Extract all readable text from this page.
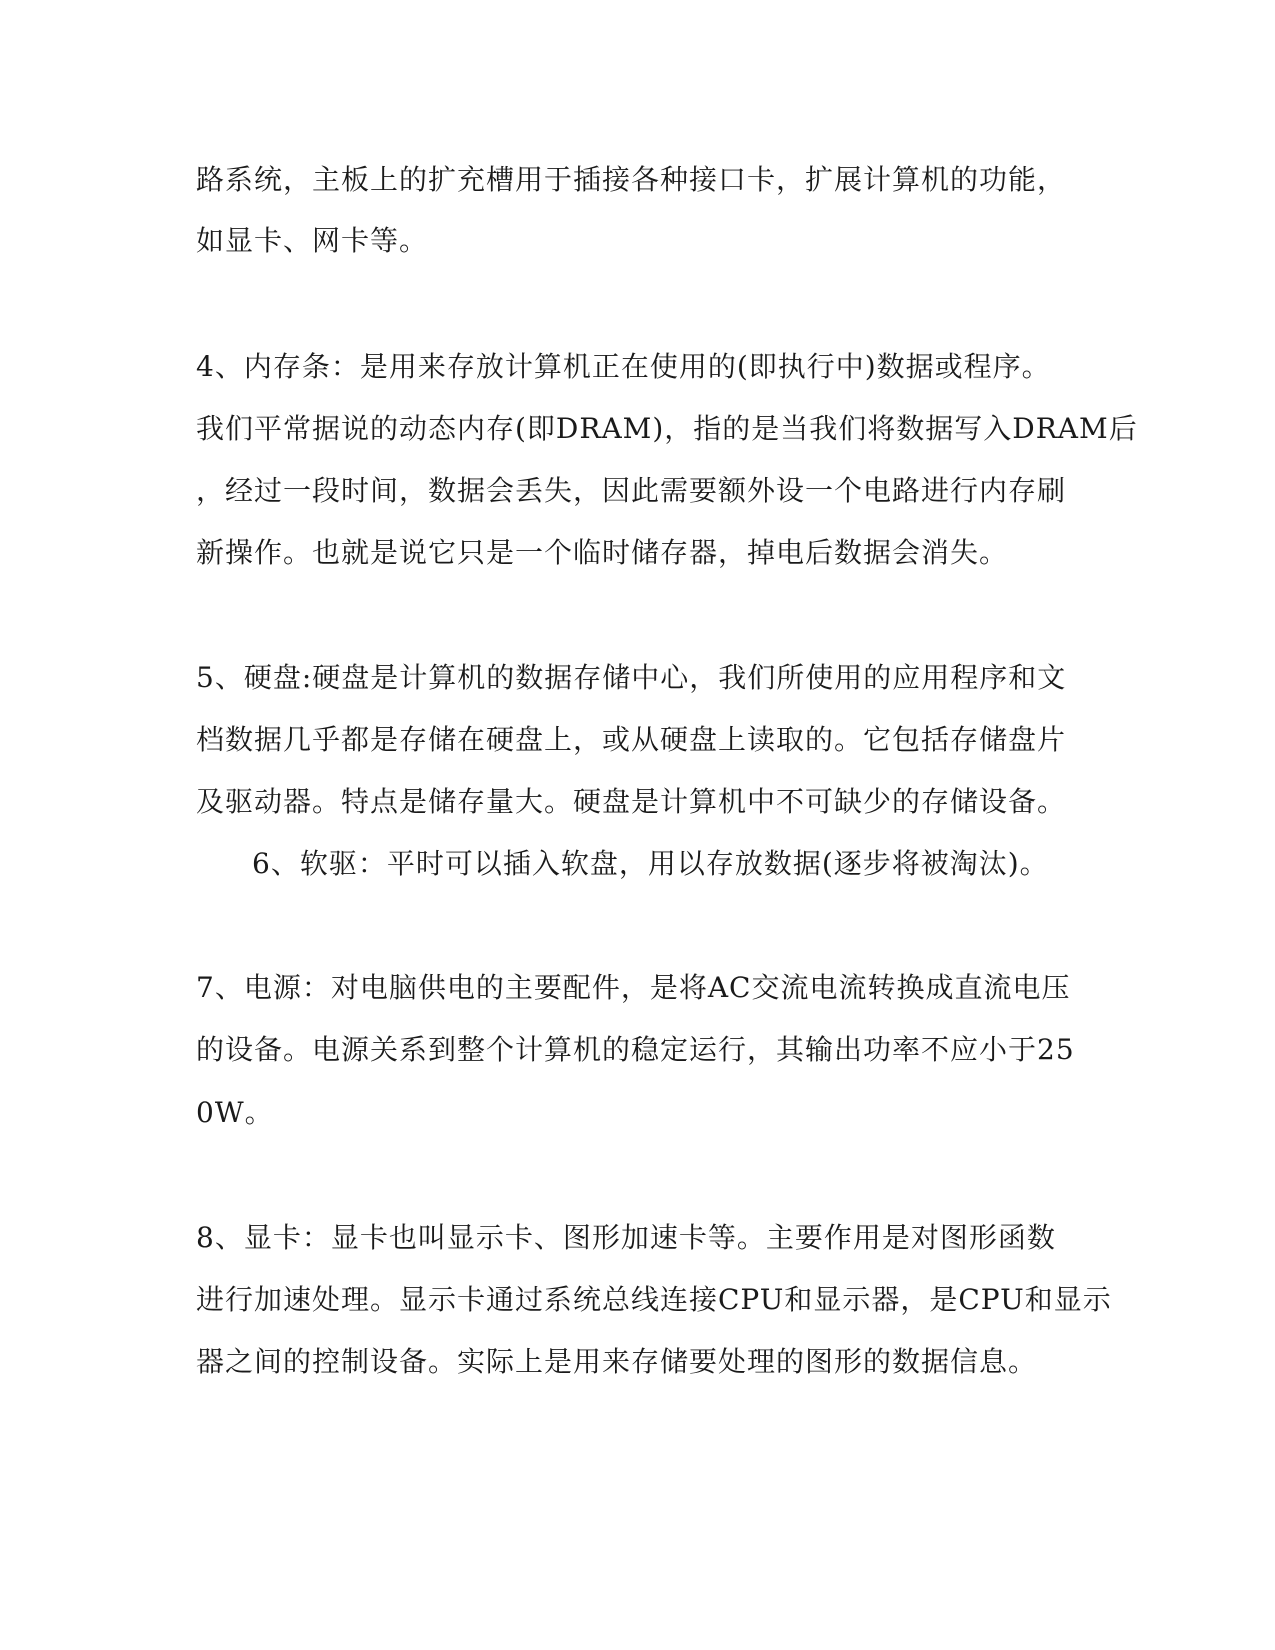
路系统，主板上的扩充槽用于插接各种接口卡，扩展计算机的功能，
如显卡、网卡等。
4、内存条：是用来存放计算机正在使用的(即执行中)数据或程序。
我们平常据说的动态内存(即DRAM)，指的是当我们将数据写入DRAM后
，经过一段时间，数据会丢失，因此需要额外设一个电路进行内存刷
新操作。也就是说它只是一个临时储存器，掉电后数据会消失。
5、硬盘:硬盘是计算机的数据存储中心，我们所使用的应用程序和文
档数据几乎都是存储在硬盘上，或从硬盘上读取的。它包括存储盘片
及驱动器。特点是储存量大。硬盘是计算机中不可缺少的存储设备。
6、软驱：平时可以插入软盘，用以存放数据(逐步将被淘汰)。
7、电源：对电脑供电的主要配件，是将AC交流电流转换成直流电压
的设备。电源关系到整个计算机的稳定运行，其输出功率不应小于25
0W。
8、显卡：显卡也叫显示卡、图形加速卡等。主要作用是对图形函数
进行加速处理。显示卡通过系统总线连接CPU和显示器，是CPU和显示
器之间的控制设备。实际上是用来存储要处理的图形的数据信息。
